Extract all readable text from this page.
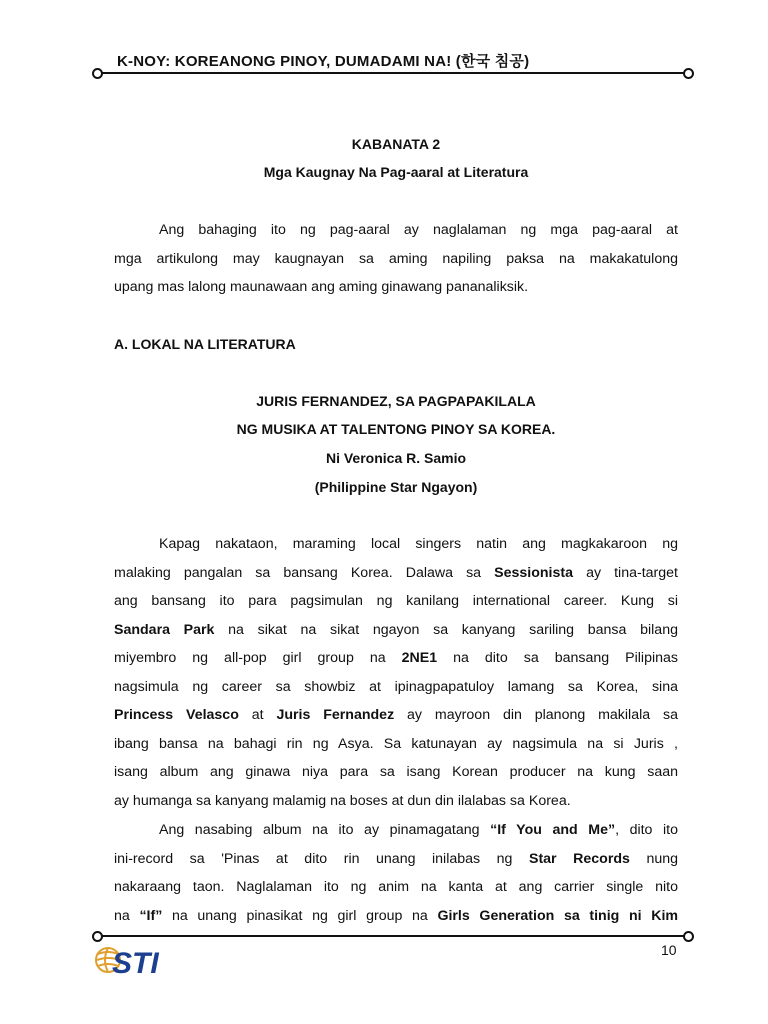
K-NOY: KOREANONG PINOY, DUMADAMI NA! (한국 침공)
KABANATA 2
Mga Kaugnay Na Pag-aaral at Literatura
Ang bahaging ito ng pag-aaral ay naglalaman ng mga pag-aaral at
mga artikulong may kaugnayan sa aming napiling paksa na makakatulong
upang mas lalong maunawaan ang aming ginawang pananaliksik.
A. LOKAL NA LITERATURA
JURIS FERNANDEZ, SA PAGPAPAKILALA
NG MUSIKA AT TALENTONG PINOY SA KOREA.
Ni Veronica R. Samio
(Philippine Star Ngayon)
Kapag nakataon, maraming local singers natin ang magkakaroon ng
malaking pangalan sa bansang Korea. Dalawa sa Sessionista ay tina-target
ang bansang ito para pagsimulan ng kanilang international career. Kung si
Sandara Park na sikat na sikat ngayon sa kanyang sariling bansa bilang
miyembro ng all-pop girl group na 2NE1 na dito sa bansang Pilipinas
nagsimula ng career sa showbiz at ipinagpapatuloy lamang sa Korea, sina
Princess Velasco at Juris Fernandez ay mayroon din planong makilala sa
ibang bansa na bahagi rin ng Asya. Sa katunayan ay nagsimula na si Juris ,
isang album ang ginawa niya para sa isang Korean producer na kung saan
ay humanga sa kanyang malamig na boses at dun din ilalabas sa Korea.
Ang nasabing album na ito ay pinamagatang “If You and Me”, dito ito
ini-record sa 'Pinas at dito rin unang inilabas ng Star Records nung
nakaraang taon. Naglalaman ito ng anim na kanta at ang carrier single nito
na “If” na unang pinasikat ng girl group na Girls Generation sa tinig ni Kim
STI	10
